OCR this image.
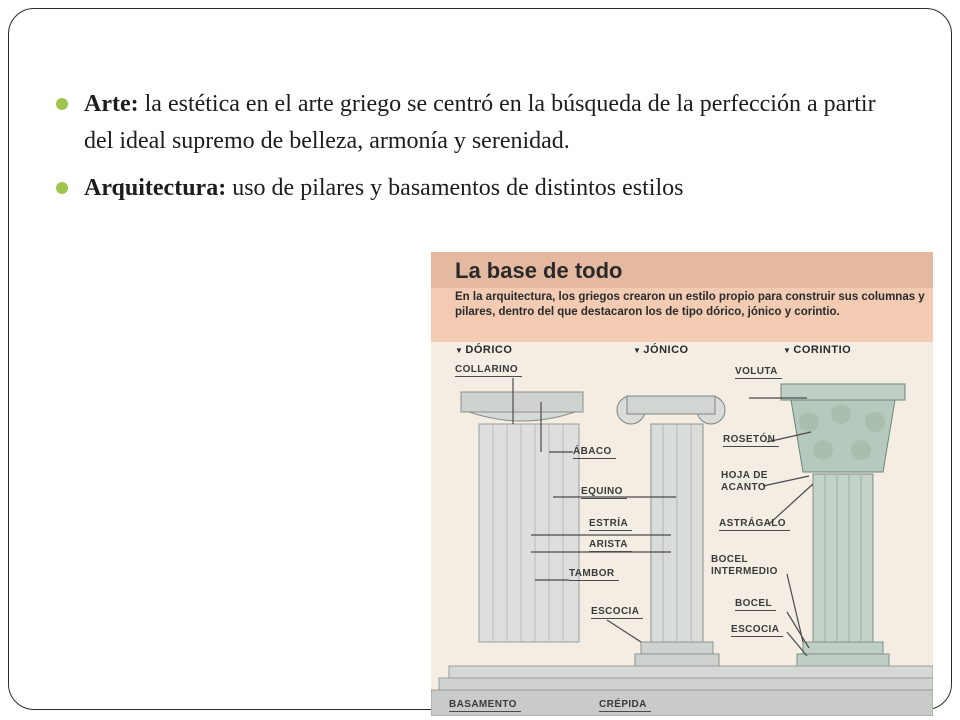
Arte: la estética en el arte griego se centró en la búsqueda de la perfección a partir del ideal supremo de belleza, armonía y serenidad.
Arquitectura: uso de pilares y basamentos de distintos estilos
La base de todo
En la arquitectura, los griegos crearon un estilo propio para construir sus columnas y pilares, dentro del que destacaron los de tipo dórico, jónico y corintio.
▼ DÓRICO	▼ JÓNICO	▼ CORINTIO
COLLARINO
ÁBACO
EQUINO
ESTRÍA
ARISTA
TAMBOR
ESCOCIA
BASAMENTO	CRÉPIDA
VOLUTA
ROSETÓN
HOJA DE
ACANTO
ASTRÁGALO
BOCEL
INTERMEDIO
BOCEL
ESCOCIA
